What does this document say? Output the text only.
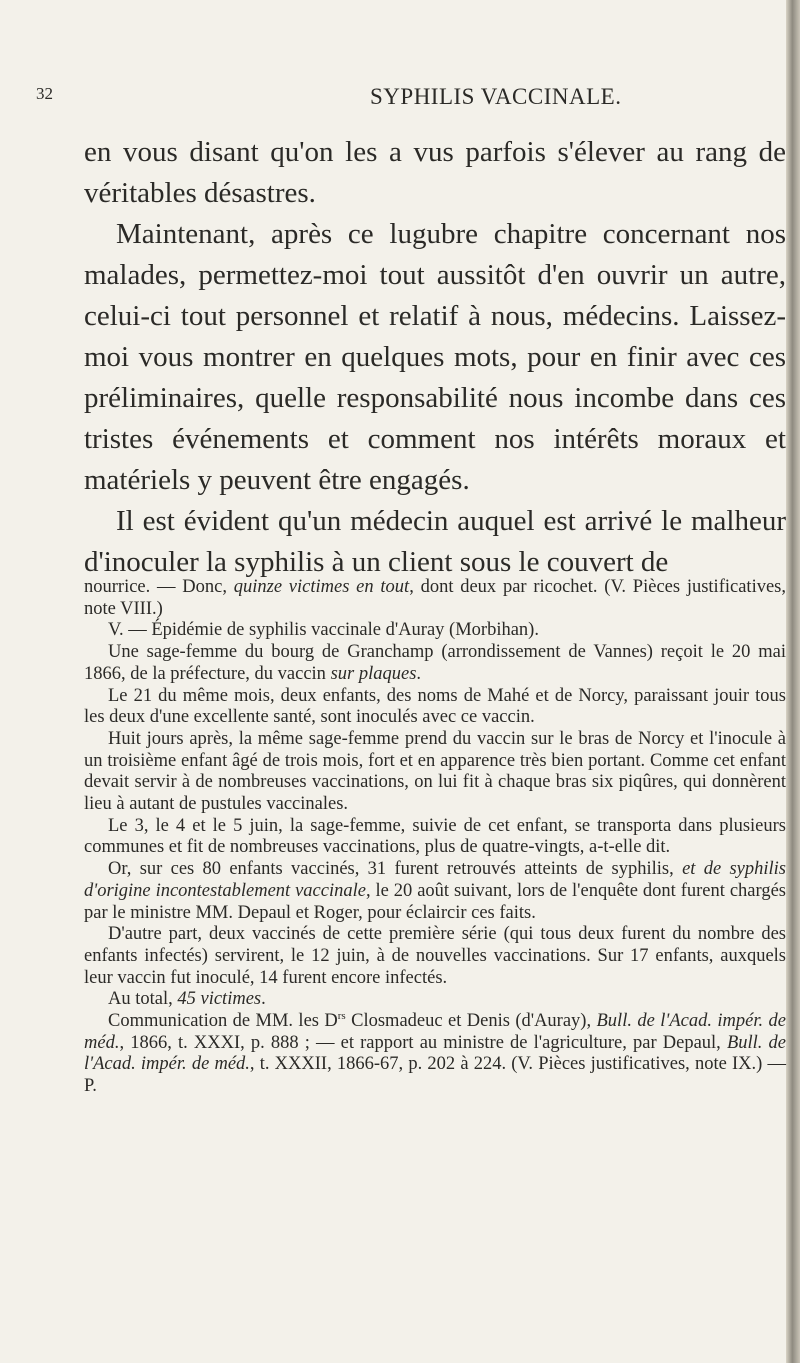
32	SYPHILIS VACCINALE.

en vous disant qu'on les a vus parfois s'élever au rang de véritables désastres.

Maintenant, après ce lugubre chapitre concernant nos malades, permettez-moi tout aussitôt d'en ouvrir un autre, celui-ci tout personnel et relatif à nous, médecins. Laissez-moi vous montrer en quelques mots, pour en finir avec ces préliminaires, quelle responsabilité nous incombe dans ces tristes événements et comment nos intérêts moraux et matériels y peuvent être engagés.

Il est évident qu'un médecin auquel est arrivé le malheur d'inoculer la syphilis à un client sous le couvert de

nourrice. — Donc, quinze victimes en tout, dont deux par ricochet. (V. Pièces justificatives, note VIII.)

V. — Épidémie de syphilis vaccinale d'Auray (Morbihan).

Une sage-femme du bourg de Granchamp (arrondissement de Vannes) reçoit le 20 mai 1866, de la préfecture, du vaccin sur plaques.

Le 21 du même mois, deux enfants, des noms de Mahé et de Norcy, paraissant jouir tous les deux d'une excellente santé, sont inoculés avec ce vaccin.

Huit jours après, la même sage-femme prend du vaccin sur le bras de Norcy et l'inocule à un troisième enfant âgé de trois mois, fort et en apparence très bien portant. Comme cet enfant devait servir à de nombreuses vaccinations, on lui fit à chaque bras six piqûres, qui donnèrent lieu à autant de pustules vaccinales.

Le 3, le 4 et le 5 juin, la sage-femme, suivie de cet enfant, se transporta dans plusieurs communes et fit de nombreuses vaccinations, plus de quatre-vingts, a-t-elle dit.

Or, sur ces 80 enfants vaccinés, 31 furent retrouvés atteints de syphilis, et de syphilis d'origine incontestablement vaccinale, le 20 août suivant, lors de l'enquête dont furent chargés par le ministre MM. Depaul et Roger, pour éclaircir ces faits.

D'autre part, deux vaccinés de cette première série (qui tous deux furent du nombre des enfants infectés) servirent, le 12 juin, à de nouvelles vaccinations. Sur 17 enfants, auxquels leur vaccin fut inoculé, 14 furent encore infectés.

Au total, 45 victimes.

Communication de MM. les $D^{rs}$ Closmadeuc et Denis (d'Auray), Bull. de l'Acad. impér. de méd., 1866, t. XXXI, p. 888 ; — et rapport au ministre de l'agriculture, par Depaul, Bull. de l'Acad. impér. de méd., t. XXXII, 1866-67, p. 202 à 224. (V. Pièces justificatives, note IX.) — P.
